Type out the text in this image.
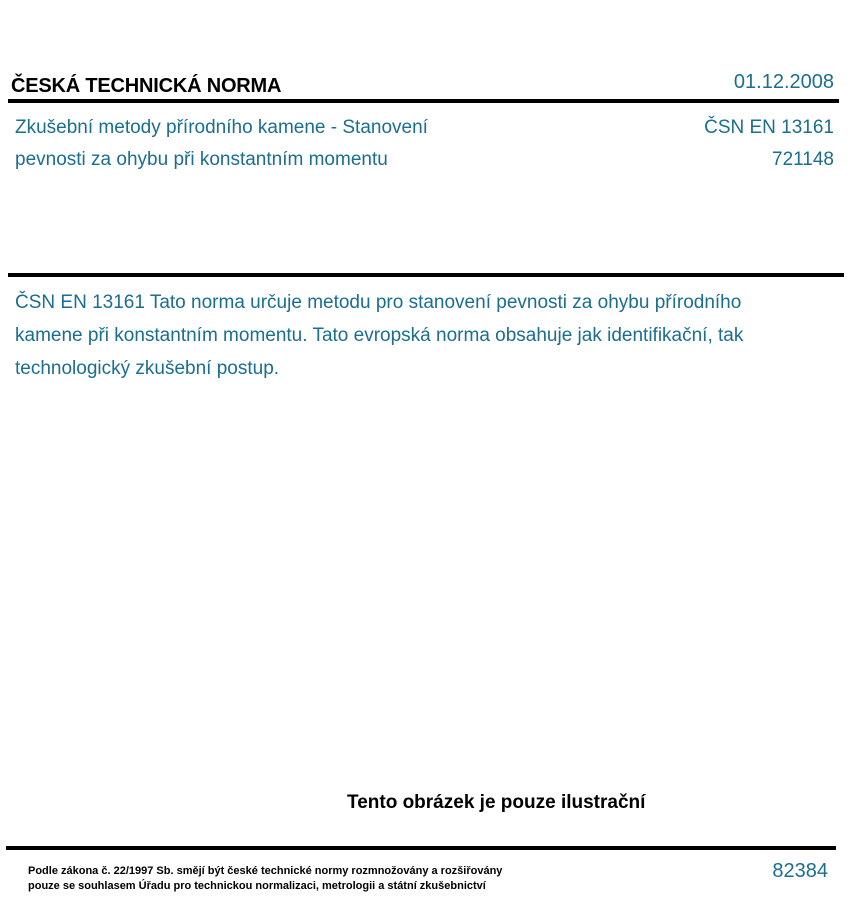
ČESKÁ TECHNICKÁ NORMA	01.12.2008
Zkušební metody přírodního kamene - Stanovení
pevnosti za ohybu při konstantním momentu
ČSN EN 13161
721148
ČSN EN 13161 Tato norma určuje metodu pro stanovení pevnosti za ohybu přírodního kamene při konstantním momentu. Tato evropská norma obsahuje jak identifikační, tak technologický zkušební postup.
Tento obrázek je pouze ilustrační
Podle zákona č. 22/1997 Sb. smějí být české technické normy rozmnožovány a rozšiřovány
pouze se souhlasem Úřadu pro technickou normalizaci, metrologii a státní zkušebnictví
82384
